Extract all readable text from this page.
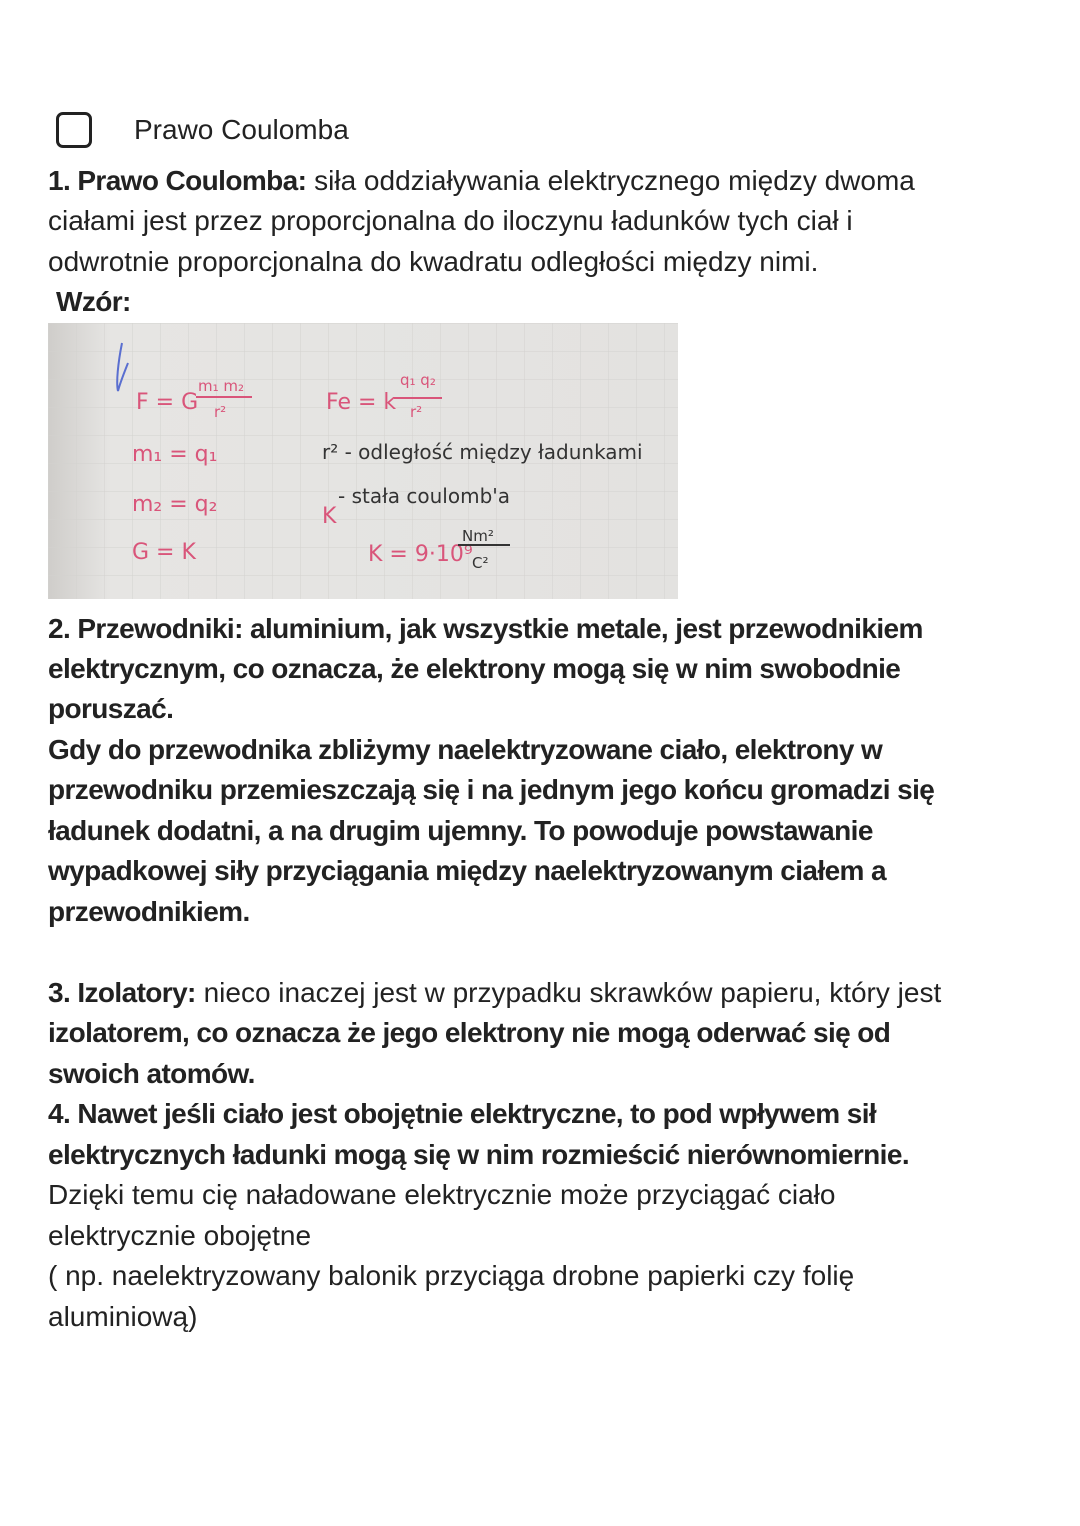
Prawo Coulomba
1. Prawo Coulomba: siła oddziaływania elektrycznego między dwoma
ciałami jest przez proporcjonalna do iloczynu ładunków tych ciał i
odwrotnie proporcjonalna do kwadratu odległości między nimi.
Wzór:
F = G
m₁ m₂
r²
m₁ = q₁
m₂ = q₂
G = K
Fe = k
q₁ q₂
r²
K
K = 9·10⁹
r² - odległość między ładunkami
- stała coulomb'a
Nm²
C²
2. Przewodniki: aluminium, jak wszystkie metale, jest przewodnikiem
elektrycznym, co oznacza, że elektrony mogą się w nim swobodnie
poruszać.
Gdy do przewodnika zbliżymy naelektryzowane ciało, elektrony w
przewodniku przemieszczają się i na jednym jego końcu gromadzi się
ładunek dodatni, a na drugim ujemny. To powoduje powstawanie
wypadkowej siły przyciągania między naelektryzowanym ciałem a
przewodnikiem.
3. Izolatory: nieco inaczej jest w przypadku skrawków papieru, który jest
izolatorem, co oznacza że jego elektrony nie mogą oderwać się od
swoich atomów.
4. Nawet jeśli ciało jest obojętnie elektryczne, to pod wpływem sił
elektrycznych ładunki mogą się w nim rozmieścić nierównomiernie.
Dzięki temu cię naładowane elektrycznie może przyciągać ciało
elektrycznie obojętne
( np. naelektryzowany balonik przyciąga drobne papierki czy folię
aluminiową)
